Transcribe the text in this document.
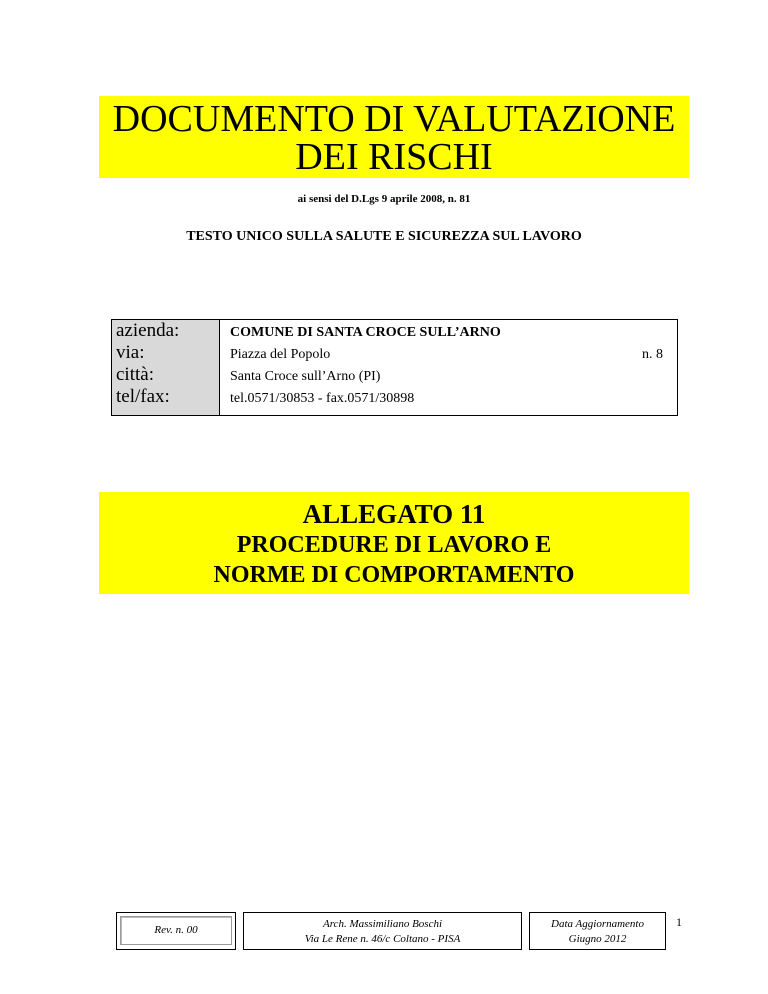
DOCUMENTO DI VALUTAZIONE
DEI RISCHI
ai sensi del D.Lgs 9 aprile 2008, n. 81
TESTO UNICO SULLA SALUTE E SICUREZZA SUL LAVORO
azienda:
via:
città:
tel/fax:
COMUNE DI SANTA CROCE SULL’ARNO
Piazza del Popolo
Santa Croce sull’Arno (PI)
tel.0571/30853 - fax.0571/30898
n. 8
ALLEGATO 11
PROCEDURE DI LAVORO E
NORME DI COMPORTAMENTO
Rev. n. 00	Arch. Massimiliano Boschi
Via Le Rene n. 46/c Coltano - PISA
Data Aggiornamento
Giugno 2012
1
